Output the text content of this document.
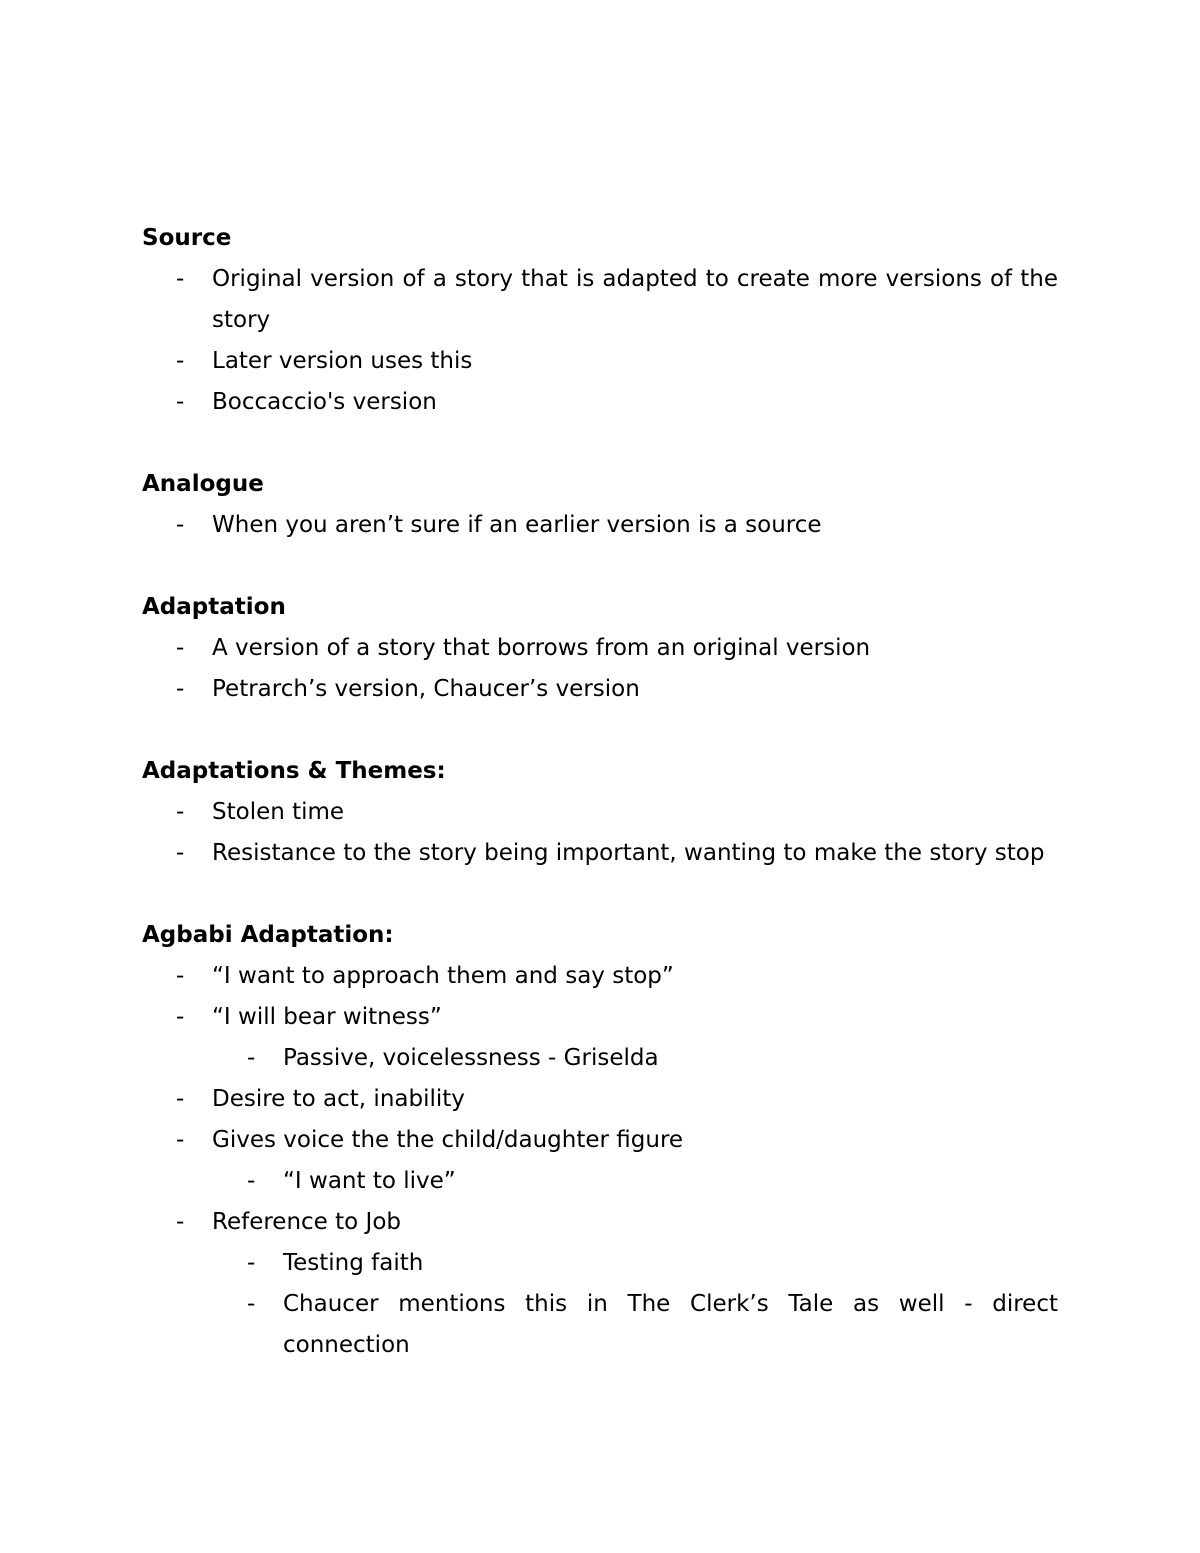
Source
-	Original version of a story that is adapted to create more versions of the story
-	Later version uses this
-	Boccaccio's version
Analogue
-	When you aren’t sure if an earlier version is a source
Adaptation
-	A version of a story that borrows from an original version
-	Petrarch’s version, Chaucer’s version
Adaptations & Themes:
-	Stolen time
-	Resistance to the story being important, wanting to make the story stop
Agbabi Adaptation:
-	“I want to approach them and say stop”
-	“I will bear witness”
-	Passive, voicelessness - Griselda
-	Desire to act, inability
-	Gives voice the the child/daughter figure
-	“I want to live”
-	Reference to Job
-	Testing faith
-	Chaucer mentions this in The Clerk’s Tale as well - direct connection
